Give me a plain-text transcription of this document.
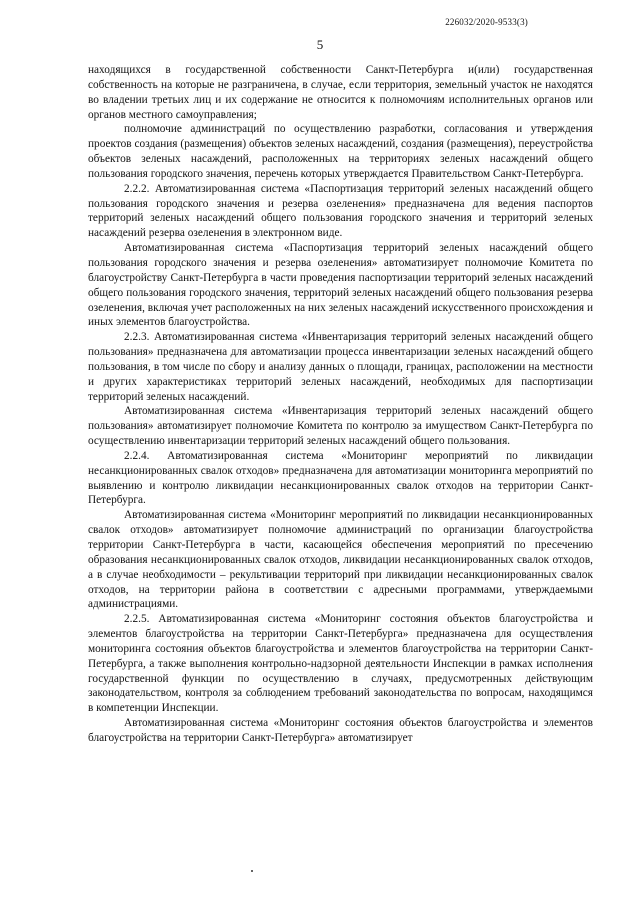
226032/2020-9533(3)
5

находящихся в государственной собственности Санкт-Петербурга и(или) государственная собственность на которые не разграничена, в случае, если территория, земельный участок не находятся во владении третьих лиц и их содержание не относится к полномочиям исполнительных органов или органов местного самоуправления;

полномочие администраций по осуществлению разработки, согласования и утверждения проектов создания (размещения) объектов зеленых насаждений, создания (размещения), переустройства объектов зеленых насаждений, расположенных на территориях зеленых насаждений общего пользования городского значения, перечень которых утверждается Правительством Санкт-Петербурга.

2.2.2. Автоматизированная система «Паспортизация территорий зеленых насаждений общего пользования городского значения и резерва озеленения» предназначена для ведения паспортов территорий зеленых насаждений общего пользования городского значения и территорий зеленых насаждений резерва озеленения в электронном виде.

Автоматизированная система «Паспортизация территорий зеленых насаждений общего пользования городского значения и резерва озеленения» автоматизирует полномочие Комитета по благоустройству Санкт-Петербурга в части проведения паспортизации территорий зеленых насаждений общего пользования городского значения, территорий зеленых насаждений общего пользования резерва озеленения, включая учет расположенных на них зеленых насаждений искусственного происхождения и иных элементов благоустройства.

2.2.3. Автоматизированная система «Инвентаризация территорий зеленых насаждений общего пользования» предназначена для автоматизации процесса инвентаризации зеленых насаждений общего пользования, в том числе по сбору и анализу данных о площади, границах, расположении на местности и других характеристиках территорий зеленых насаждений, необходимых для паспортизации территорий зеленых насаждений.

Автоматизированная система «Инвентаризация территорий зеленых насаждений общего пользования» автоматизирует полномочие Комитета по контролю за имуществом Санкт-Петербурга по осуществлению инвентаризации территорий зеленых насаждений общего пользования.

2.2.4. Автоматизированная система «Мониторинг мероприятий по ликвидации несанкционированных свалок отходов» предназначена для автоматизации мониторинга мероприятий по выявлению и контролю ликвидации несанкционированных свалок отходов на территории Санкт-Петербурга.

Автоматизированная система «Мониторинг мероприятий по ликвидации несанкционированных свалок отходов» автоматизирует полномочие администраций по организации благоустройства территории Санкт-Петербурга в части, касающейся обеспечения мероприятий по пресечению образования несанкционированных свалок отходов, ликвидации несанкционированных свалок отходов, а в случае необходимости – рекультивации территорий при ликвидации несанкционированных свалок отходов, на территории района в соответствии с адресными программами, утверждаемыми администрациями.

2.2.5. Автоматизированная система «Мониторинг состояния объектов благоустройства и элементов благоустройства на территории Санкт-Петербурга» предназначена для осуществления мониторинга состояния объектов благоустройства и элементов благоустройства на территории Санкт-Петербурга, а также выполнения контрольно-надзорной деятельности Инспекции в рамках исполнения государственной функции по осуществлению в случаях, предусмотренных действующим законодательством, контроля за соблюдением требований законодательства по вопросам, находящимся в компетенции Инспекции.

Автоматизированная система «Мониторинг состояния объектов благоустройства и элементов благоустройства на территории Санкт-Петербурга» автоматизирует
